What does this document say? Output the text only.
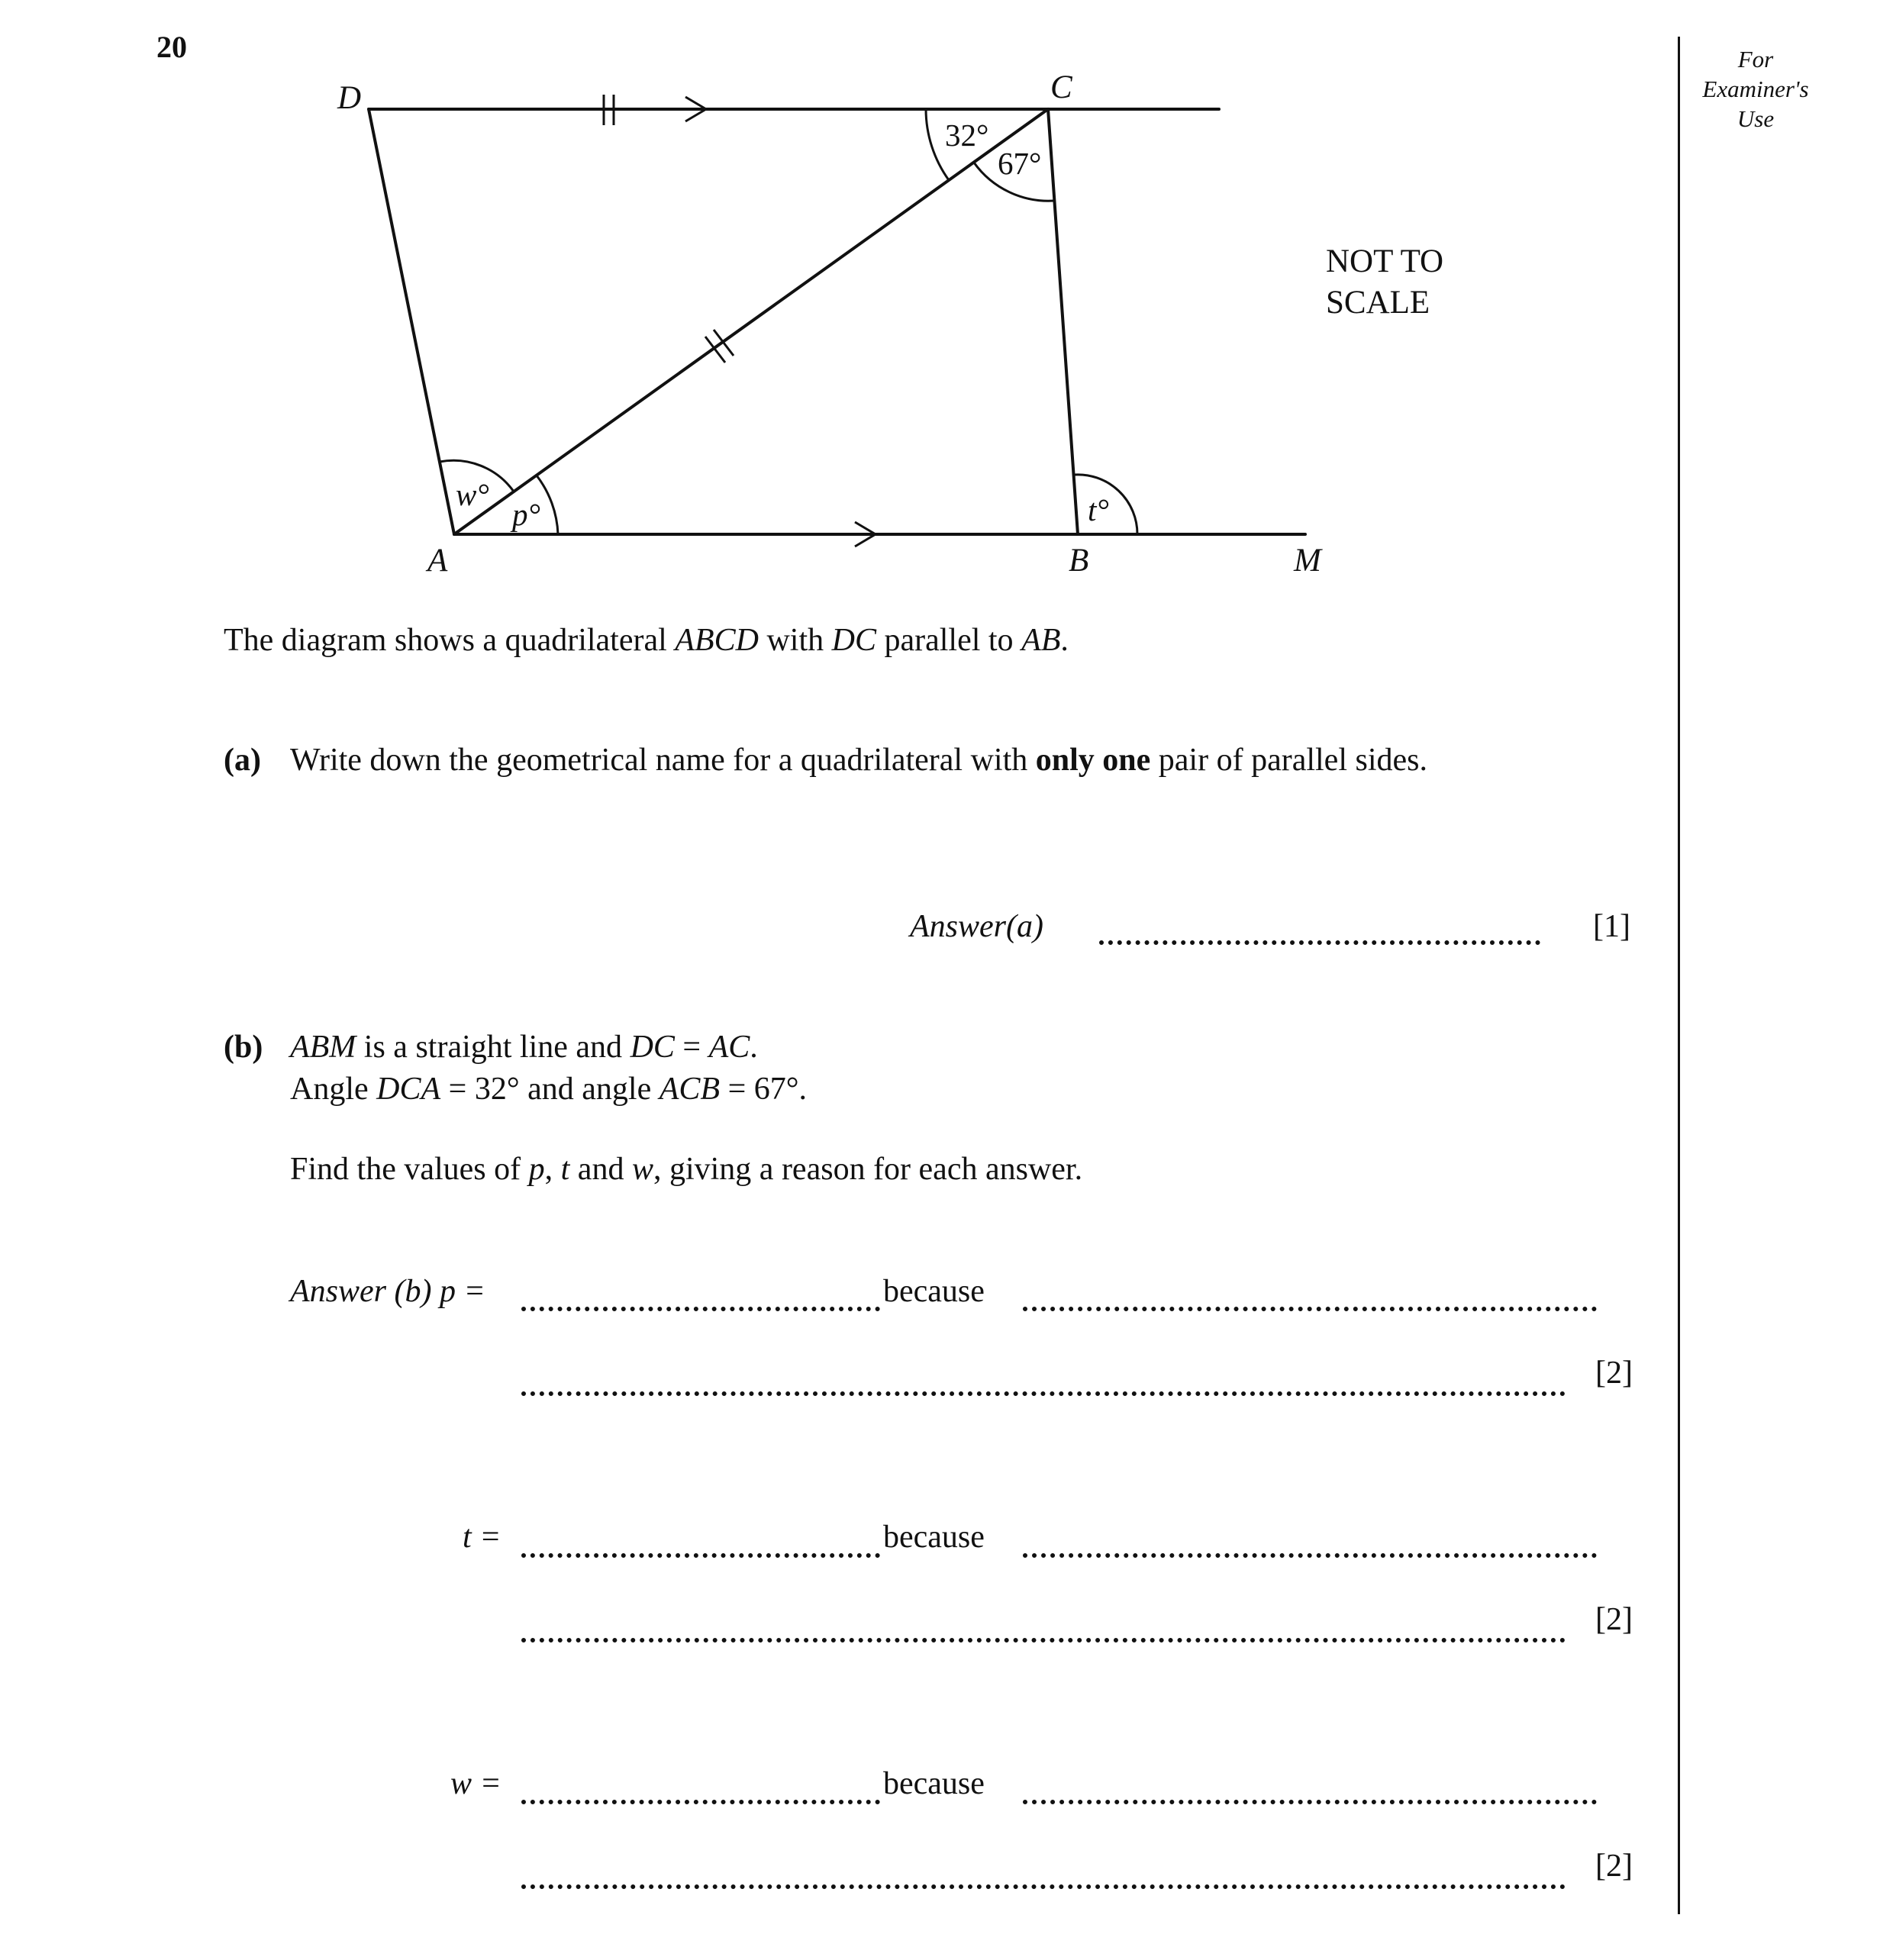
20	For
Examiner's
Use
D	C
A	B	M
32°
67°
w°
p°	t°
NOT TO
SCALE
The diagram shows a quadrilateral ABCD with DC parallel to AB.
(a) Write down the geometrical name for a quadrilateral with only one pair of parallel sides.
Answer(a)	[1]
(b) ABM is a straight line and DC = AC.
Angle DCA = 32° and angle ACB = 67°.
Find the values of p, t and w, giving a reason for each answer.
Answer (b) p =	because
[2]
t =	because
[2]
w =	because
[2]
